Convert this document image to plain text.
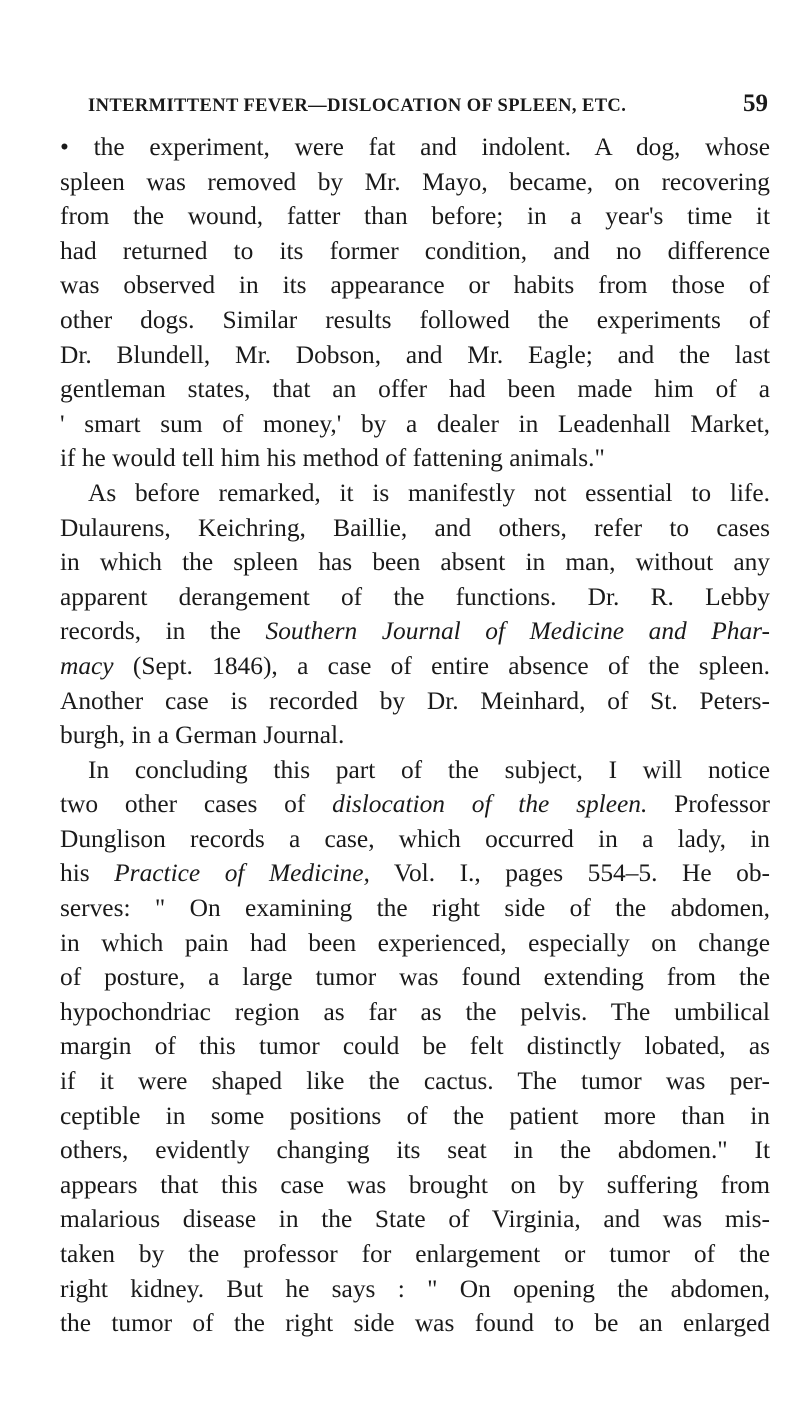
INTERMITTENT FEVER—DISLOCATION OF SPLEEN, ETC.	59
• the experiment, were fat and indolent. A dog, whose
spleen was removed by Mr. Mayo, became, on recovering
from the wound, fatter than before; in a year's time it
had returned to its former condition, and no difference
was observed in its appearance or habits from those of
other dogs. Similar results followed the experiments of
Dr. Blundell, Mr. Dobson, and Mr. Eagle; and the last
gentleman states, that an offer had been made him of a
' smart sum of money,' by a dealer in Leadenhall Market,
if he would tell him his method of fattening animals."
As before remarked, it is manifestly not essential to life.
Dulaurens, Keichring, Baillie, and others, refer to cases
in which the spleen has been absent in man, without any
apparent derangement of the functions. Dr. R. Lebby
records, in the Southern Journal of Medicine and Phar-
macy (Sept. 1846), a case of entire absence of the spleen.
Another case is recorded by Dr. Meinhard, of St. Peters-
burgh, in a German Journal.
In concluding this part of the subject, I will notice
two other cases of dislocation of the spleen. Professor
Dunglison records a case, which occurred in a lady, in
his Practice of Medicine, Vol. I., pages 554–5. He ob-
serves: " On examining the right side of the abdomen,
in which pain had been experienced, especially on change
of posture, a large tumor was found extending from the
hypochondriac region as far as the pelvis. The umbilical
margin of this tumor could be felt distinctly lobated, as
if it were shaped like the cactus. The tumor was per-
ceptible in some positions of the patient more than in
others, evidently changing its seat in the abdomen." It
appears that this case was brought on by suffering from
malarious disease in the State of Virginia, and was mis-
taken by the professor for enlargement or tumor of the
right kidney. But he says : " On opening the abdomen,
the tumor of the right side was found to be an enlarged
